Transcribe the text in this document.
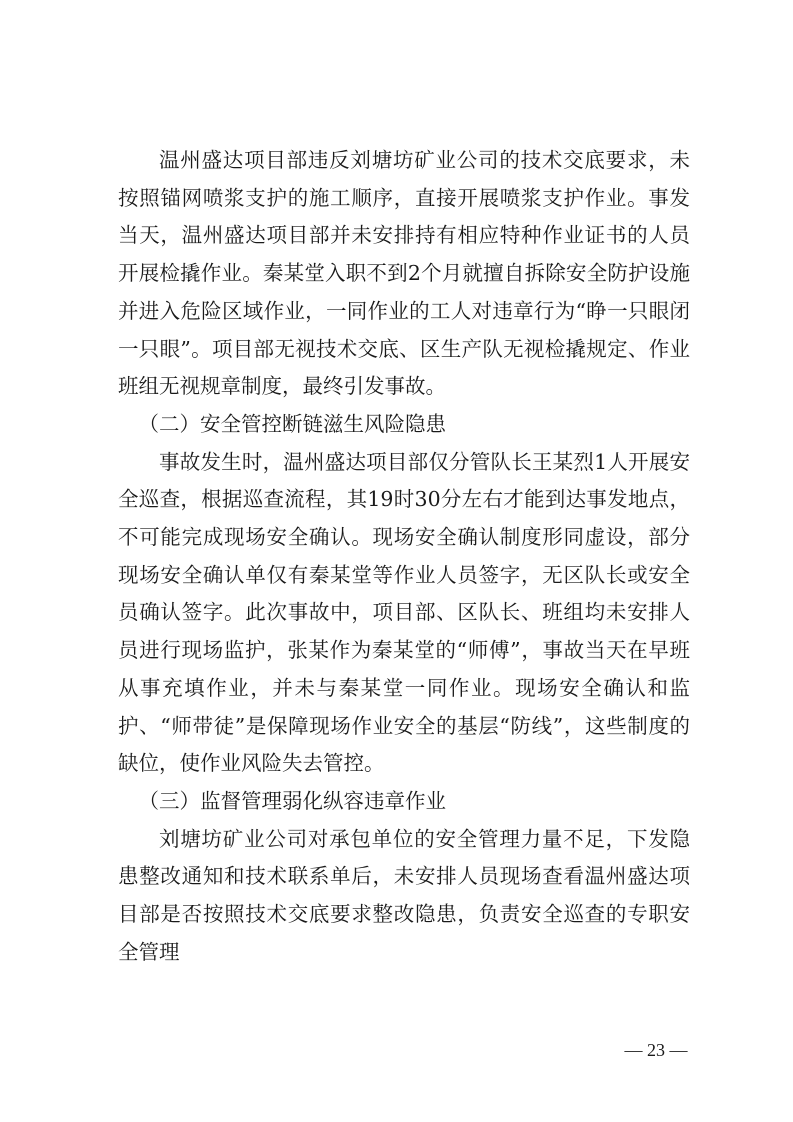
温州盛达项目部违反刘塘坊矿业公司的技术交底要求，未按照锚网喷浆支护的施工顺序，直接开展喷浆支护作业。事发当天，温州盛达项目部并未安排持有相应特种作业证书的人员开展检撬作业。秦某堂入职不到2个月就擅自拆除安全防护设施并进入危险区域作业，一同作业的工人对违章行为“睁一只眼闭一只眼”。项目部无视技术交底、区生产队无视检撬规定、作业班组无视规章制度，最终引发事故。

（二）安全管控断链滋生风险隐患

事故发生时，温州盛达项目部仅分管队长王某烈1人开展安全巡查，根据巡查流程，其19时30分左右才能到达事发地点，不可能完成现场安全确认。现场安全确认制度形同虚设，部分现场安全确认单仅有秦某堂等作业人员签字，无区队长或安全员确认签字。此次事故中，项目部、区队长、班组均未安排人员进行现场监护，张某作为秦某堂的“师傅”，事故当天在早班从事充填作业，并未与秦某堂一同作业。现场安全确认和监护、“师带徒”是保障现场作业安全的基层“防线”，这些制度的缺位，使作业风险失去管控。

（三）监督管理弱化纵容违章作业

刘塘坊矿业公司对承包单位的安全管理力量不足，下发隐患整改通知和技术联系单后，未安排人员现场查看温州盛达项目部是否按照技术交底要求整改隐患，负责安全巡查的专职安全管理

— 23 —
